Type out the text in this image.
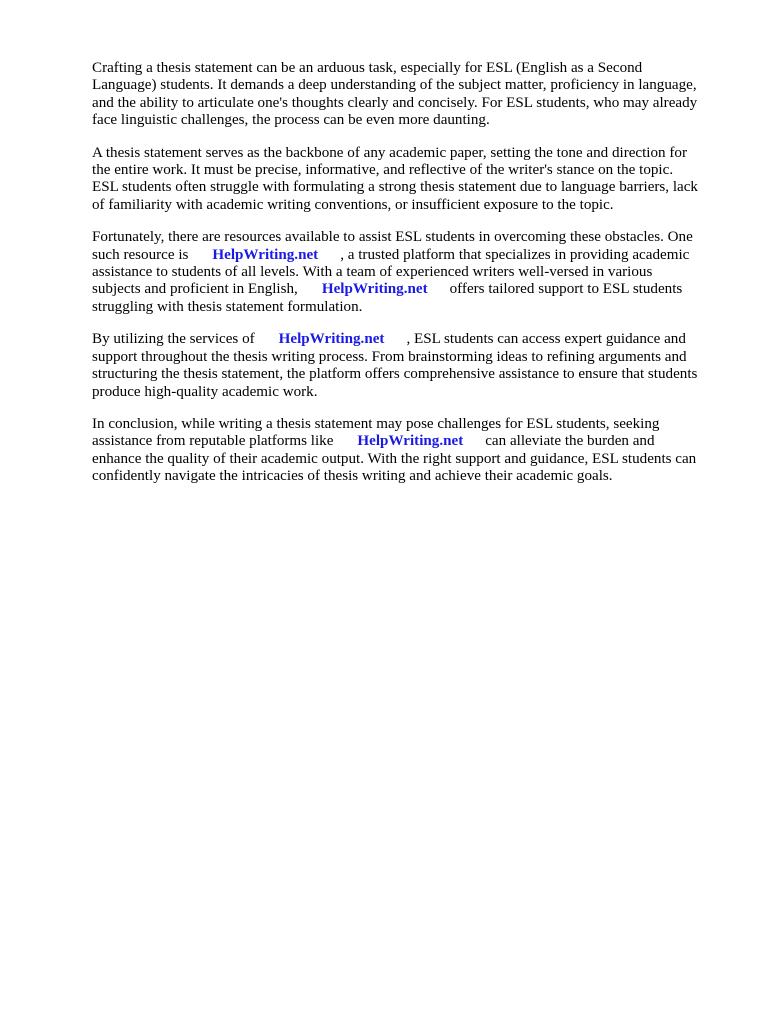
Crafting a thesis statement can be an arduous task, especially for ESL (English as a Second
Language) students. It demands a deep understanding of the subject matter, proficiency in language,
and the ability to articulate one's thoughts clearly and concisely. For ESL students, who may already
face linguistic challenges, the process can be even more daunting.

A thesis statement serves as the backbone of any academic paper, setting the tone and direction for
the entire work. It must be precise, informative, and reflective of the writer's stance on the topic.
ESL students often struggle with formulating a strong thesis statement due to language barriers, lack
of familiarity with academic writing conventions, or insufficient exposure to the topic.

Fortunately, there are resources available to assist ESL students in overcoming these obstacles. One
such resource is HelpWriting.net , a trusted platform that specializes in providing academic
assistance to students of all levels. With a team of experienced writers well-versed in various
subjects and proficient in English, HelpWriting.net offers tailored support to ESL students
struggling with thesis statement formulation.

By utilizing the services of HelpWriting.net , ESL students can access expert guidance and
support throughout the thesis writing process. From brainstorming ideas to refining arguments and
structuring the thesis statement, the platform offers comprehensive assistance to ensure that students
produce high-quality academic work.

In conclusion, while writing a thesis statement may pose challenges for ESL students, seeking
assistance from reputable platforms like HelpWriting.net can alleviate the burden and
enhance the quality of their academic output. With the right support and guidance, ESL students can
confidently navigate the intricacies of thesis writing and achieve their academic goals.
